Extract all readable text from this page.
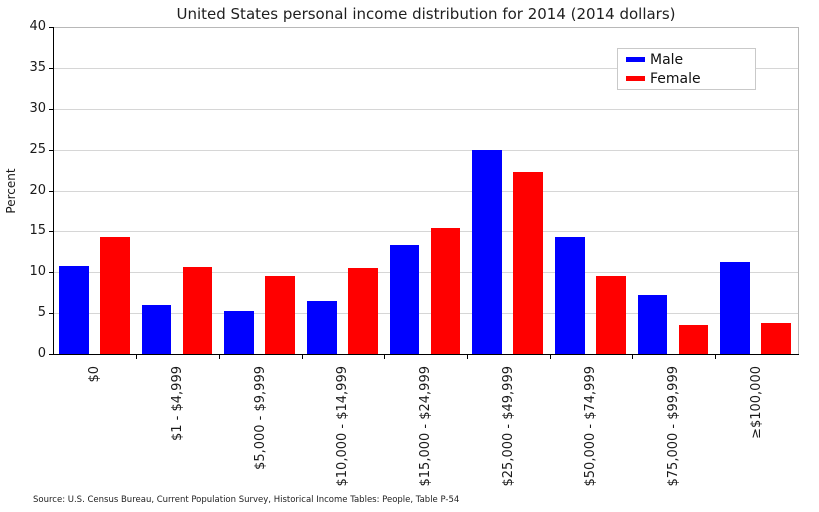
United States personal income distribution for 2014 (2014 dollars)
Percent
0
5
10
15
20
25
30
35
40
$0	$1 - $4,999	$5,000 - $9,999	$10,000 - $14,999	$15,000 - $24,999	$25,000 - $49,999	$50,000 - $74,999	$75,000 - $99,999	≥$100,000
Male
Female
Source: U.S. Census Bureau, Current Population Survey, Historical Income Tables: People, Table P-54
